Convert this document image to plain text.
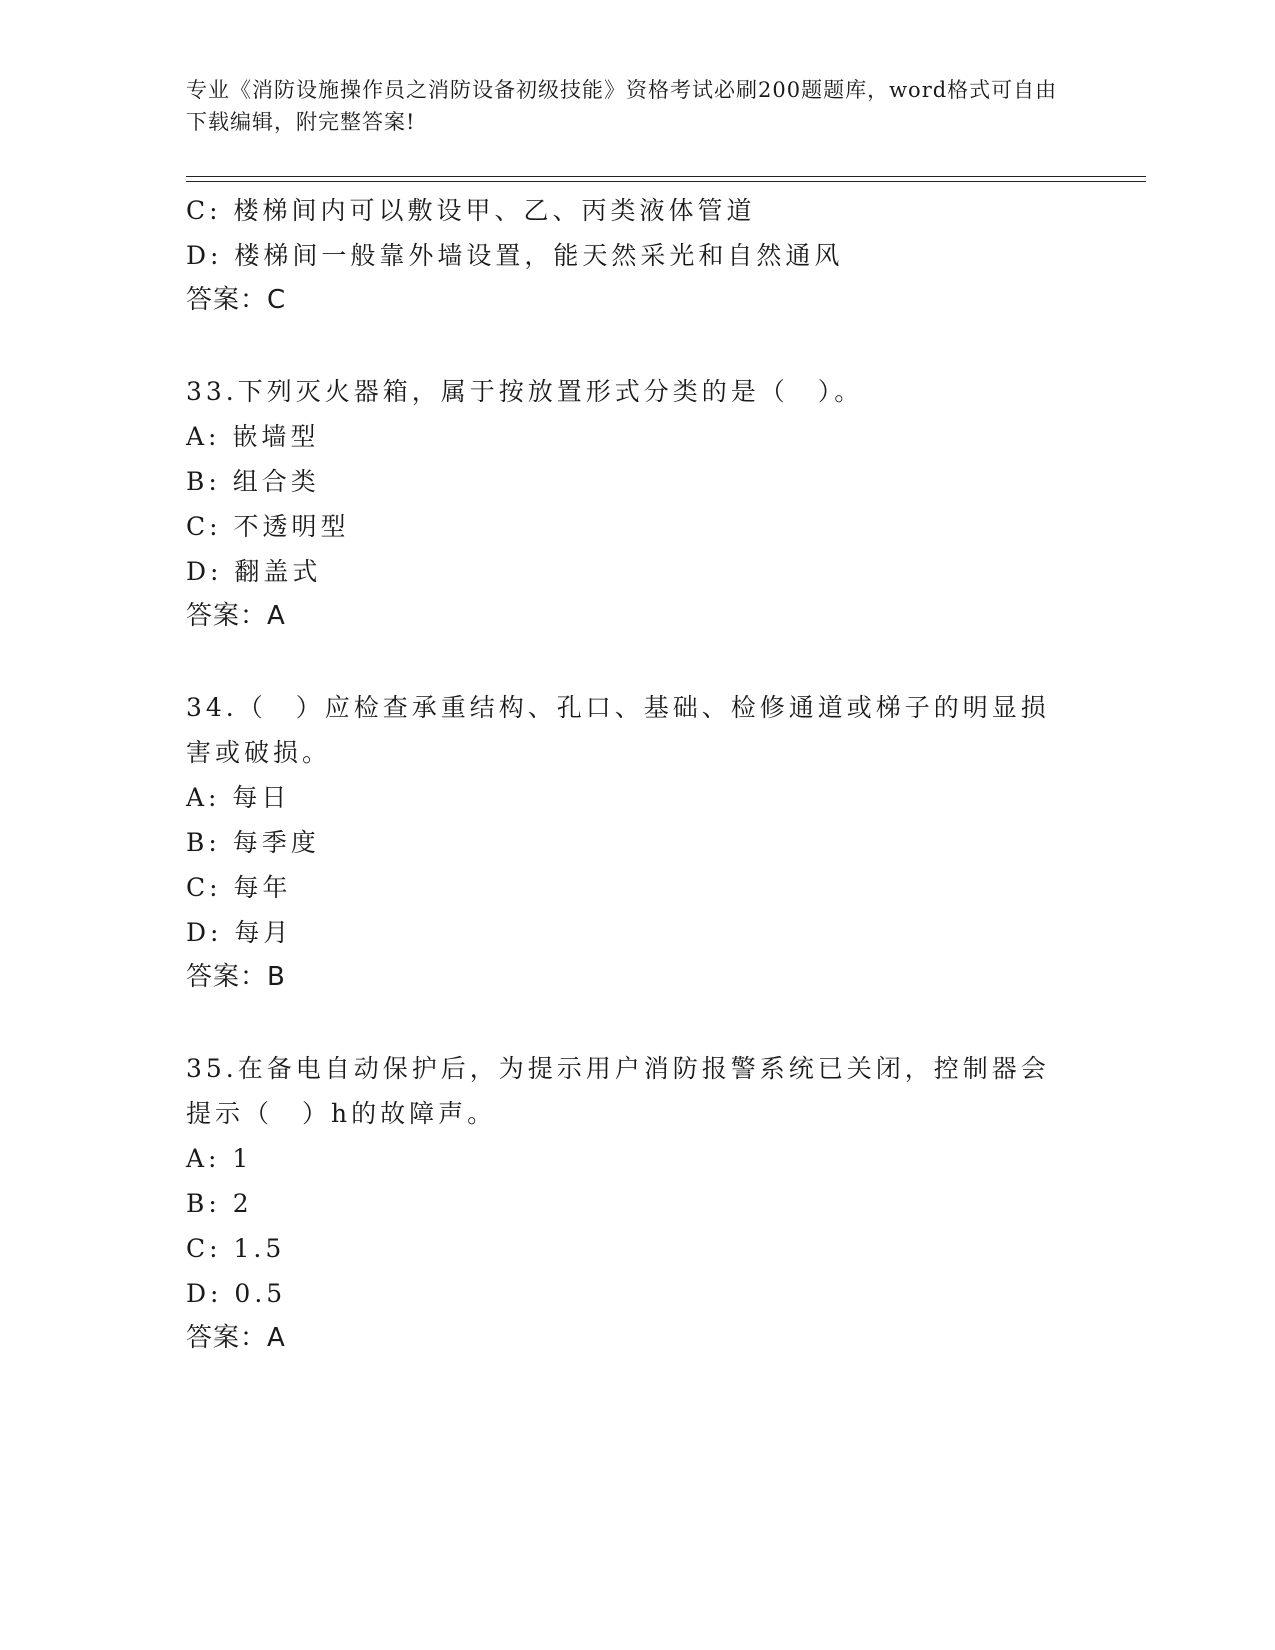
专业《消防设施操作员之消防设备初级技能》资格考试必刷200题题库，word格式可自由下载编辑，附完整答案!
C: 楼梯间内可以敷设甲、乙、丙类液体管道
D: 楼梯间一般靠外墙设置，能天然采光和自然通风
答案：C
33.下列灭火器箱，属于按放置形式分类的是（　）。
A: 嵌墙型
B: 组合类
C: 不透明型
D: 翻盖式
答案：A
34.（　）应检查承重结构、孔口、基础、检修通道或梯子的明显损害或破损。
A: 每日
B: 每季度
C: 每年
D: 每月
答案：B
35.在备电自动保护后，为提示用户消防报警系统已关闭，控制器会提示（　）h的故障声。
A: 1
B: 2
C: 1.5
D: 0.5
答案：A
